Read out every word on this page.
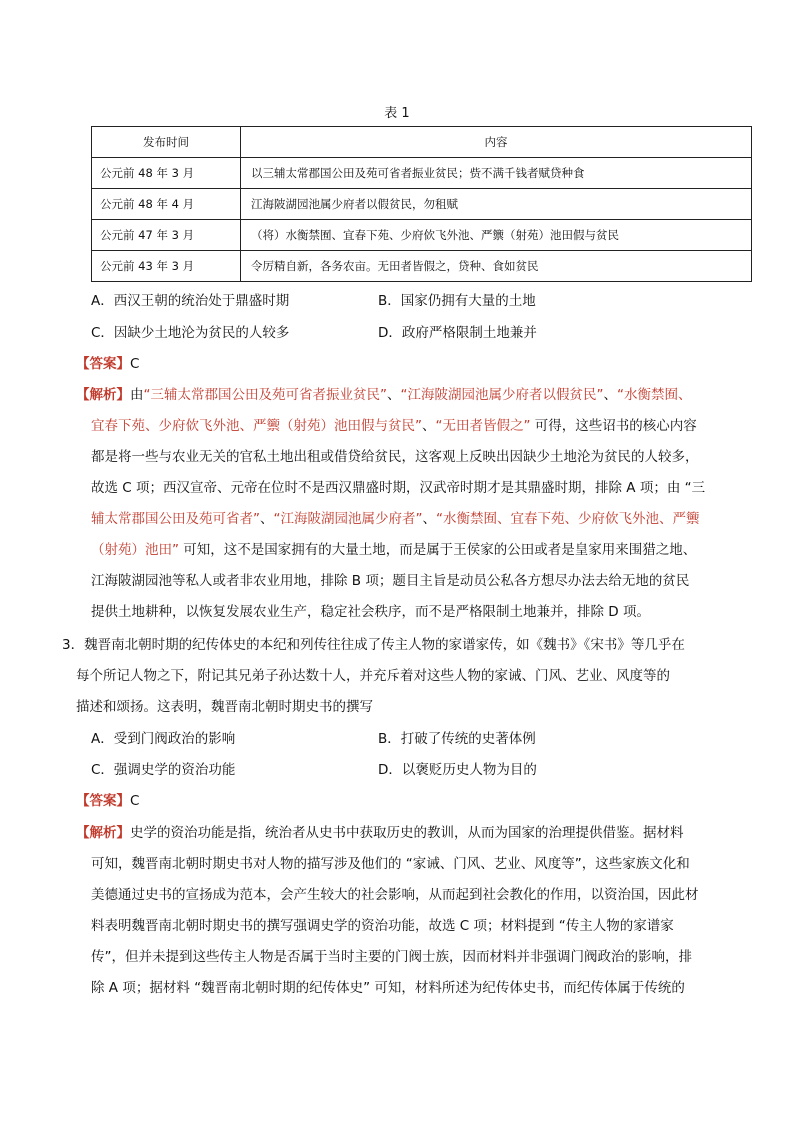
表 1
发布时间	内容
公元前 48 年 3 月	以三辅太常郡国公田及苑可省者振业贫民；赀不满千钱者赋贷种食
公元前 48 年 4 月	江海陂湖园池属少府者以假贫民，勿租赋
公元前 47 年 3 月	（将）水衡禁囿、宜春下苑、少府佽飞外池、严籞（射苑）池田假与贫民
公元前 43 年 3 月	令厉精自新，各务农亩。无田者皆假之，贷种、食如贫民
A．西汉王朝的统治处于鼎盛时期	B．国家仍拥有大量的土地
C．因缺少土地沦为贫民的人较多	D．政府严格限制土地兼并
【答案】C
【解析】由“三辅太常郡国公田及苑可省者振业贫民”、“江海陂湖园池属少府者以假贫民”、“水衡禁囿、
宜春下苑、少府佽飞外池、严籞（射苑）池田假与贫民”、“无田者皆假之” 可得，这些诏书的核心内容
都是将一些与农业无关的官私土地出租或借贷给贫民，这客观上反映出因缺少土地沦为贫民的人较多，
故选 C 项；西汉宣帝、元帝在位时不是西汉鼎盛时期，汉武帝时期才是其鼎盛时期，排除 A 项；由 “三
辅太常郡国公田及苑可省者”、“江海陂湖园池属少府者”、“水衡禁囿、宜春下苑、少府佽飞外池、严籞
（射苑）池田” 可知，这不是国家拥有的大量土地，而是属于王侯家的公田或者是皇家用来围猎之地、
江海陂湖园池等私人或者非农业用地，排除 B 项；题目主旨是动员公私各方想尽办法去给无地的贫民
提供土地耕种，以恢复发展农业生产，稳定社会秩序，而不是严格限制土地兼并，排除 D 项。
3．魏晋南北朝时期的纪传体史的本纪和列传往往成了传主人物的家谱家传，如《魏书》《宋书》等几乎在
每个所记人物之下，附记其兄弟子孙达数十人，并充斥着对这些人物的家诫、门风、艺业、风度等的
描述和颂扬。这表明，魏晋南北朝时期史书的撰写
A．受到门阀政治的影响	B．打破了传统的史著体例
C．强调史学的资治功能	D．以褒贬历史人物为目的
【答案】C
【解析】史学的资治功能是指，统治者从史书中获取历史的教训，从而为国家的治理提供借鉴。据材料
可知，魏晋南北朝时期史书对人物的描写涉及他们的 “家诫、门风、艺业、风度等”，这些家族文化和
美德通过史书的宣扬成为范本，会产生较大的社会影响，从而起到社会教化的作用，以资治国，因此材
料表明魏晋南北朝时期史书的撰写强调史学的资治功能，故选 C 项；材料提到 “传主人物的家谱家
传”，但并未提到这些传主人物是否属于当时主要的门阀士族，因而材料并非强调门阀政治的影响，排
除 A 项；据材料 “魏晋南北朝时期的纪传体史” 可知，材料所述为纪传体史书，而纪传体属于传统的
